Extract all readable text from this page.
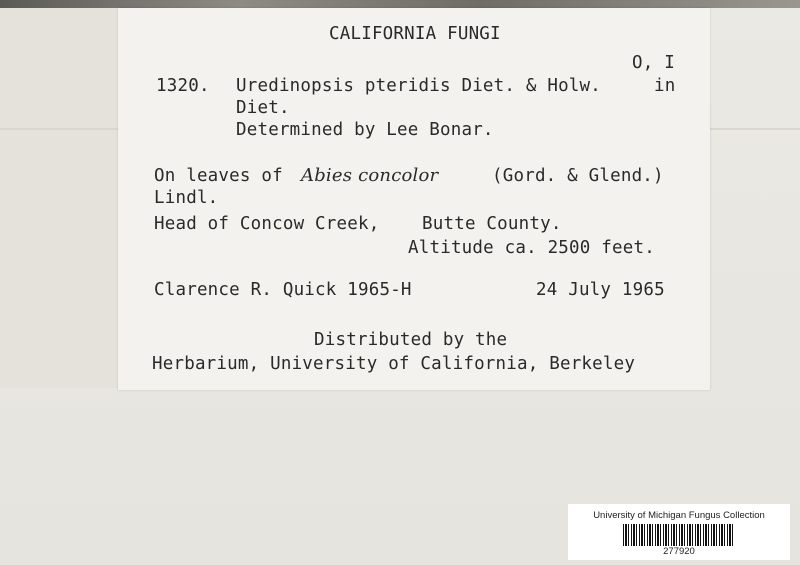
CALIFORNIA FUNGI
O, I
1320. Uredinopsis pteridis Diet. & Holw.	in
Diet.
Determined by Lee Bonar.
On leaves of Abies concolor	(Gord. & Glend.)
Lindl.
Head of Concow Creek, Butte County.
Altitude ca. 2500 feet.
Clarence R. Quick 1965-H	24 July 1965
Distributed by the
Herbarium, University of California, Berkeley
University of Michigan Fungus Collection
277920
